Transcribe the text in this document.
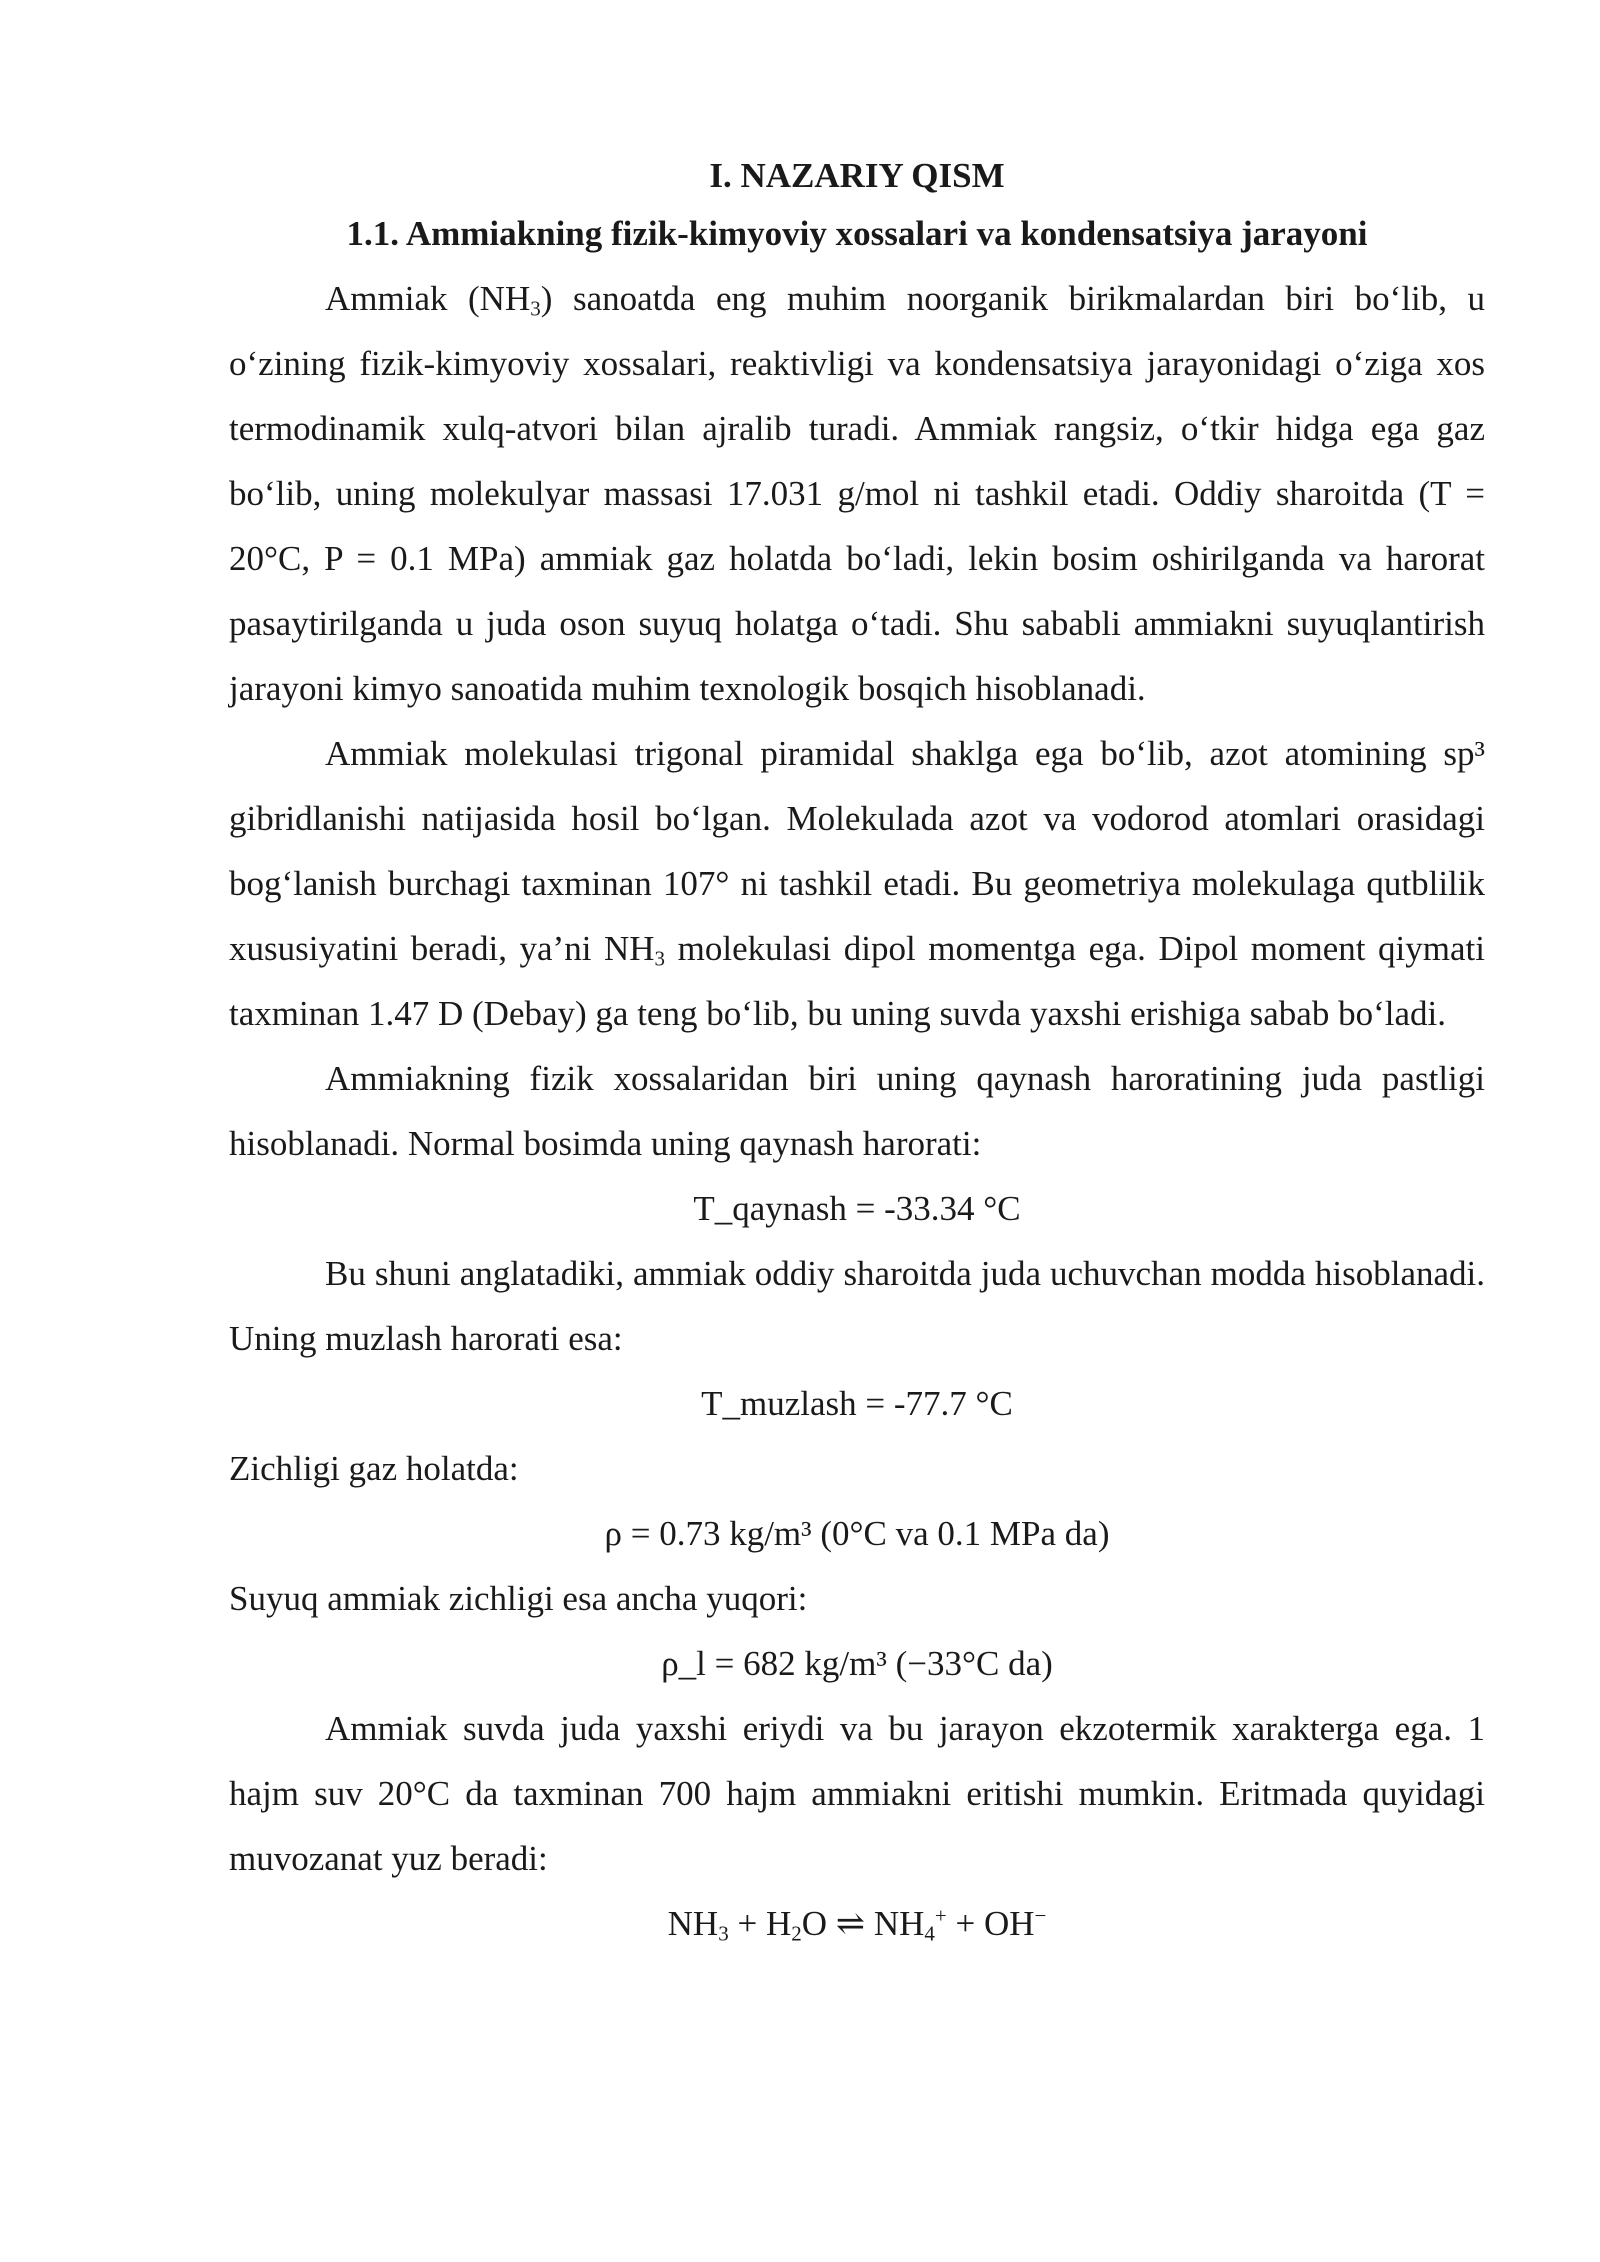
I. NAZARIY QISM
1.1. Ammiakning fizik-kimyoviy xossalari va kondensatsiya jarayoni

Ammiak $(NH_3)$ sanoatda eng muhim noorganik birikmalardan biri bo‘lib, u o‘zining fizik-kimyoviy xossalari, reaktivligi va kondensatsiya jarayonidagi o‘ziga xos termodinamik xulq-atvori bilan ajralib turadi. Ammiak rangsiz, o‘tkir hidga ega gaz bo‘lib, uning molekulyar massasi 17.031 g/mol ni tashkil etadi. Oddiy sharoitda (T = 20°C, P = 0.1 MPa) ammiak gaz holatda bo‘ladi, lekin bosim oshirilganda va harorat pasaytirilganda u juda oson suyuq holatga o‘tadi. Shu sababli ammiakni suyuqlantirish jarayoni kimyo sanoatida muhim texnologik bosqich hisoblanadi.

Ammiak molekulasi trigonal piramidal shaklga ega bo‘lib, azot atomining sp³ gibridlanishi natijasida hosil bo‘lgan. Molekulada azot va vodorod atomlari orasidagi bog‘lanish burchagi taxminan 107° ni tashkil etadi. Bu geometriya molekulaga qutblilik xususiyatini beradi, ya’ni $NH_3$ molekulasi dipol momentga ega. Dipol moment qiymati taxminan 1.47 D (Debay) ga teng bo‘lib, bu uning suvda yaxshi erishiga sabab bo‘ladi.

Ammiakning fizik xossalaridan biri uning qaynash haroratining juda pastligi hisoblanadi. Normal bosimda uning qaynash harorati:

T_qaynash = -33.34 °C

Bu shuni anglatadiki, ammiak oddiy sharoitda juda uchuvchan modda hisoblanadi. Uning muzlash harorati esa:

T_muzlash = -77.7 °C

Zichligi gaz holatda:

ρ = 0.73 kg/m³ (0°C va 0.1 MPa da)

Suyuq ammiak zichligi esa ancha yuqori:

ρ_l = 682 kg/m³ (−33°C da)

Ammiak suvda juda yaxshi eriydi va bu jarayon ekzotermik xarakterga ega. 1 hajm suv 20°C da taxminan 700 hajm ammiakni eritishi mumkin. Eritmada quyidagi muvozanat yuz beradi:

$NH_3 + H_2O$ ⇌ $NH_4^+ + OH^-$
